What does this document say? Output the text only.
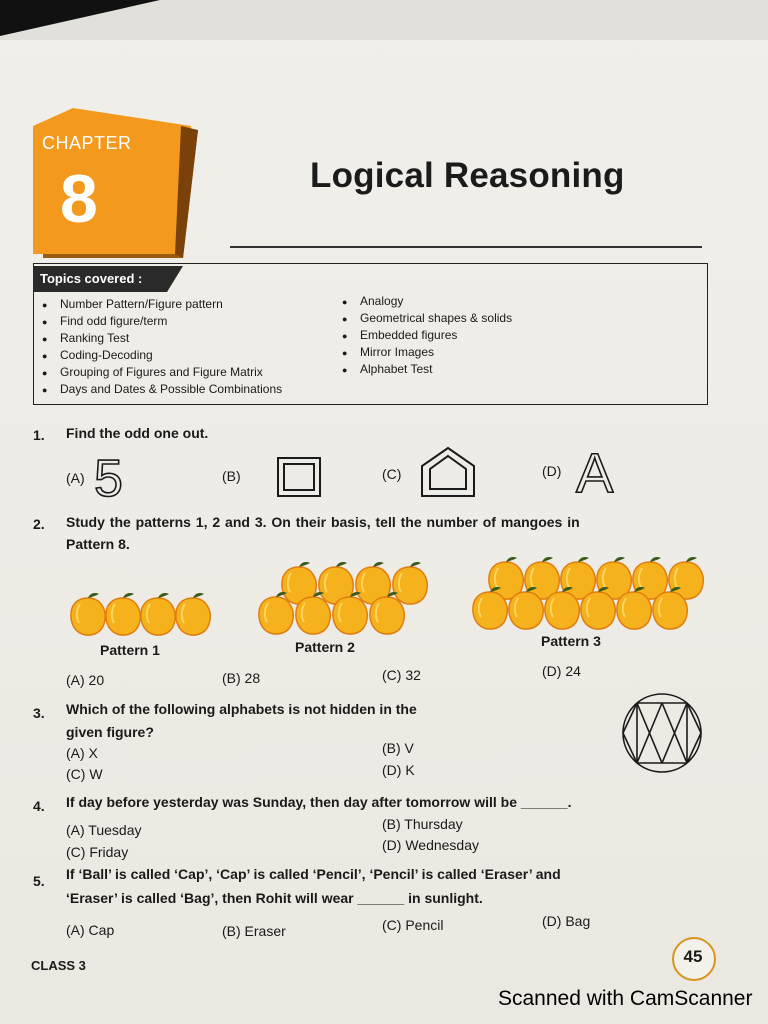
CHAPTER
8	Logical Reasoning
Topics covered :
● Number Pattern/Figure pattern
● Find odd figure/term
● Ranking Test
● Coding-Decoding
● Grouping of Figures and Figure Matrix
● Days and Dates & Possible Combinations
● Analogy
● Geometrical shapes & solids
● Embedded figures
● Mirror Images
● Alphabet Test
1. Find the odd one out.
(A) 5	(B)	(C)	(D) A
2. Study the patterns 1, 2 and 3. On their basis, tell the number of mangoes in
Pattern 8.
Pattern 1	Pattern 2	Pattern 3
(A) 20	(B) 28	(C) 32	(D) 24
3. Which of the following alphabets is not hidden in the
given figure?
(A) X	(B) V
(C) W	(D) K
4. If day before yesterday was Sunday, then day after tomorrow will be ______.
(A) Tuesday	(B) Thursday
(C) Friday	(D) Wednesday
5. If ‘Ball’ is called ‘Cap’, ‘Cap’ is called ‘Pencil’, ‘Pencil’ is called ‘Eraser’ and
‘Eraser’ is called ‘Bag’, then Rohit will wear ______ in sunlight.
(A) Cap	(B) Eraser	(C) Pencil	(D) Bag
CLASS 3	45
Scanned with CamScanner
